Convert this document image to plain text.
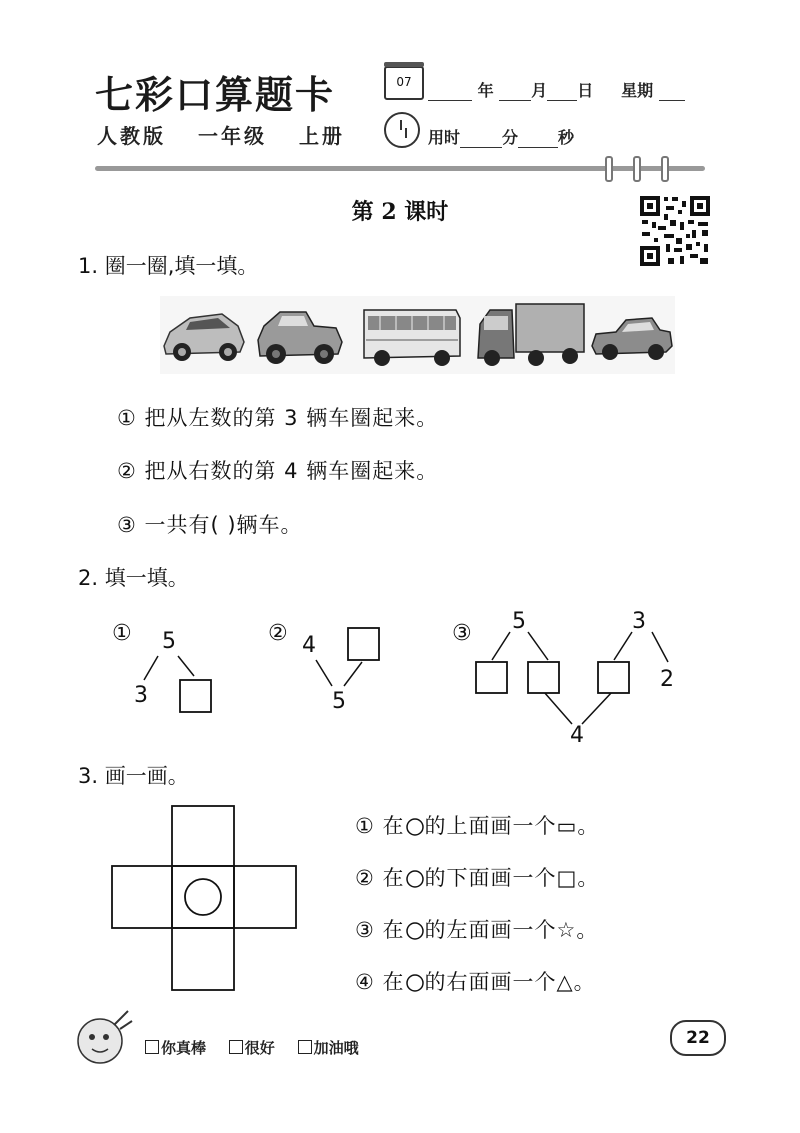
七彩口算题卡
人教版 一年级 上册
07	年 月 日 星期
用时	分	秒
第 2 课时
1. 圈一圈,填一填。
① 把从左数的第 3 辆车圈起来。
② 把从右数的第 4 辆车圈起来。
③ 一共有( )辆车。
2. 填一填。
① 5
3
② 4
5
③ 5	3
2
4
3. 画一画。
① 在 的上面画一个▭。
② 在 的下面画一个□。
③ 在 的左面画一个☆。
④ 在 的右面画一个△。
你真棒	很好	加油哦	22
